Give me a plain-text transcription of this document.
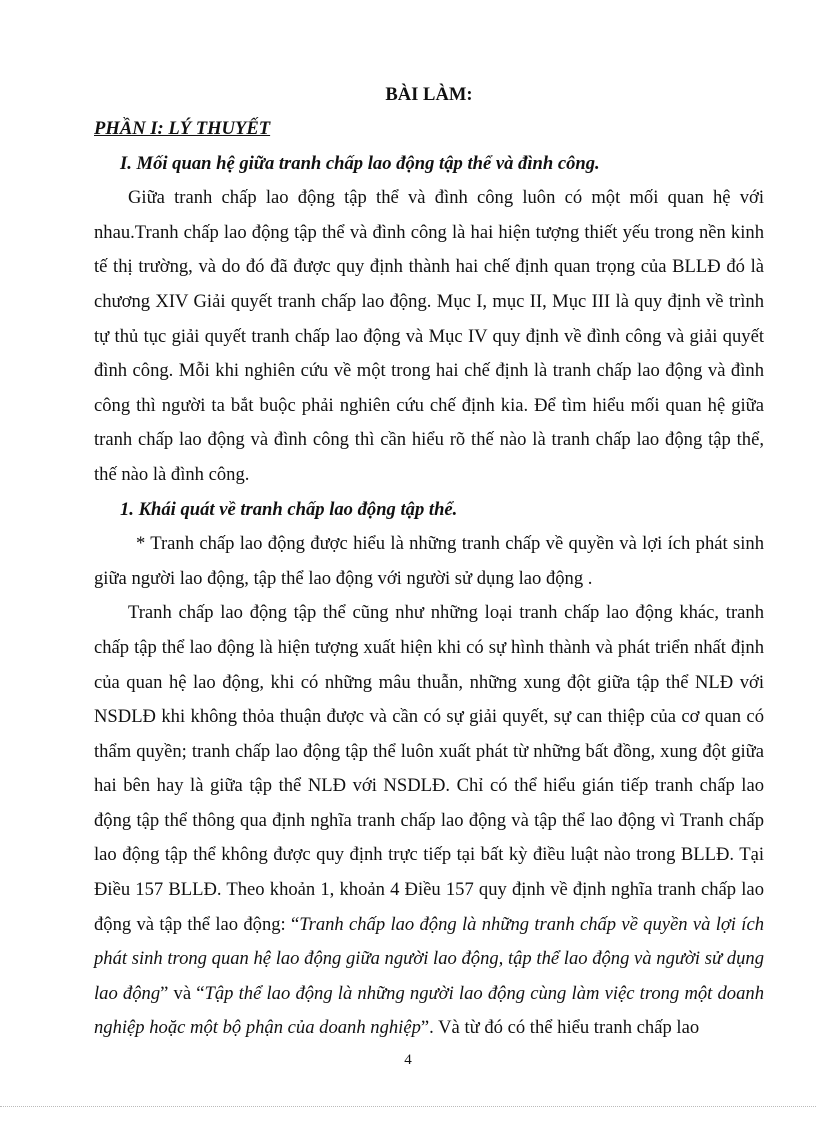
BÀI LÀM:

PHẦN I: LÝ THUYẾT

I. Mối quan hệ giữa tranh chấp lao động tập thể và đình công.

Giữa tranh chấp lao động tập thể và đình công luôn có một mối quan hệ với nhau.Tranh chấp lao động tập thể và đình công là hai hiện tượng thiết yếu trong nền kinh tế thị trường, và do đó đã được quy định thành hai chế định quan trọng của BLLĐ đó là chương XIV Giải quyết tranh chấp lao động. Mục I, mục II, Mục III là quy định về trình tự thủ tục giải quyết tranh chấp lao động và Mục IV quy định về đình công và giải quyết đình công. Mỗi khi nghiên cứu về một trong hai chế định là tranh chấp lao động và đình công thì người ta bắt buộc phải nghiên cứu chế định kia. Để tìm hiểu mối quan hệ giữa tranh chấp lao động và đình công thì cần hiểu rõ thế nào là tranh chấp lao động tập thể, thế nào là đình công.

1. Khái quát về tranh chấp lao động tập thể.

* Tranh chấp lao động được hiểu là những tranh chấp về quyền và lợi ích phát sinh giữa người lao động, tập thể lao động với người sử dụng lao động .

Tranh chấp lao động tập thể cũng như những loại tranh chấp lao động khác, tranh chấp tập thể lao động là hiện tượng xuất hiện khi có sự hình thành và phát triển nhất định của quan hệ lao động, khi có những mâu thuẫn, những xung đột giữa tập thể NLĐ với NSDLĐ khi không thỏa thuận được và cần có sự giải quyết, sự can thiệp của cơ quan có thẩm quyền; tranh chấp lao động tập thể luôn xuất phát từ những bất đồng, xung đột giữa hai bên hay là giữa tập thể NLĐ với NSDLĐ. Chỉ có thể hiểu gián tiếp tranh chấp lao động tập thể thông qua định nghĩa tranh chấp lao động và tập thể lao động vì Tranh chấp lao động tập thể không được quy định trực tiếp tại bất kỳ điều luật nào trong BLLĐ. Tại Điều 157 BLLĐ. Theo khoản 1, khoản 4 Điều 157 quy định về định nghĩa tranh chấp lao động và tập thể lao động: “Tranh chấp lao động là những tranh chấp về quyền và lợi ích phát sinh trong quan hệ lao động giữa người lao động, tập thể lao động và người sử dụng lao động” và “Tập thể lao động là những người lao động cùng làm việc trong một doanh nghiệp hoặc một bộ phận của doanh nghiệp”. Và từ đó có thể hiểu tranh chấp lao

4
